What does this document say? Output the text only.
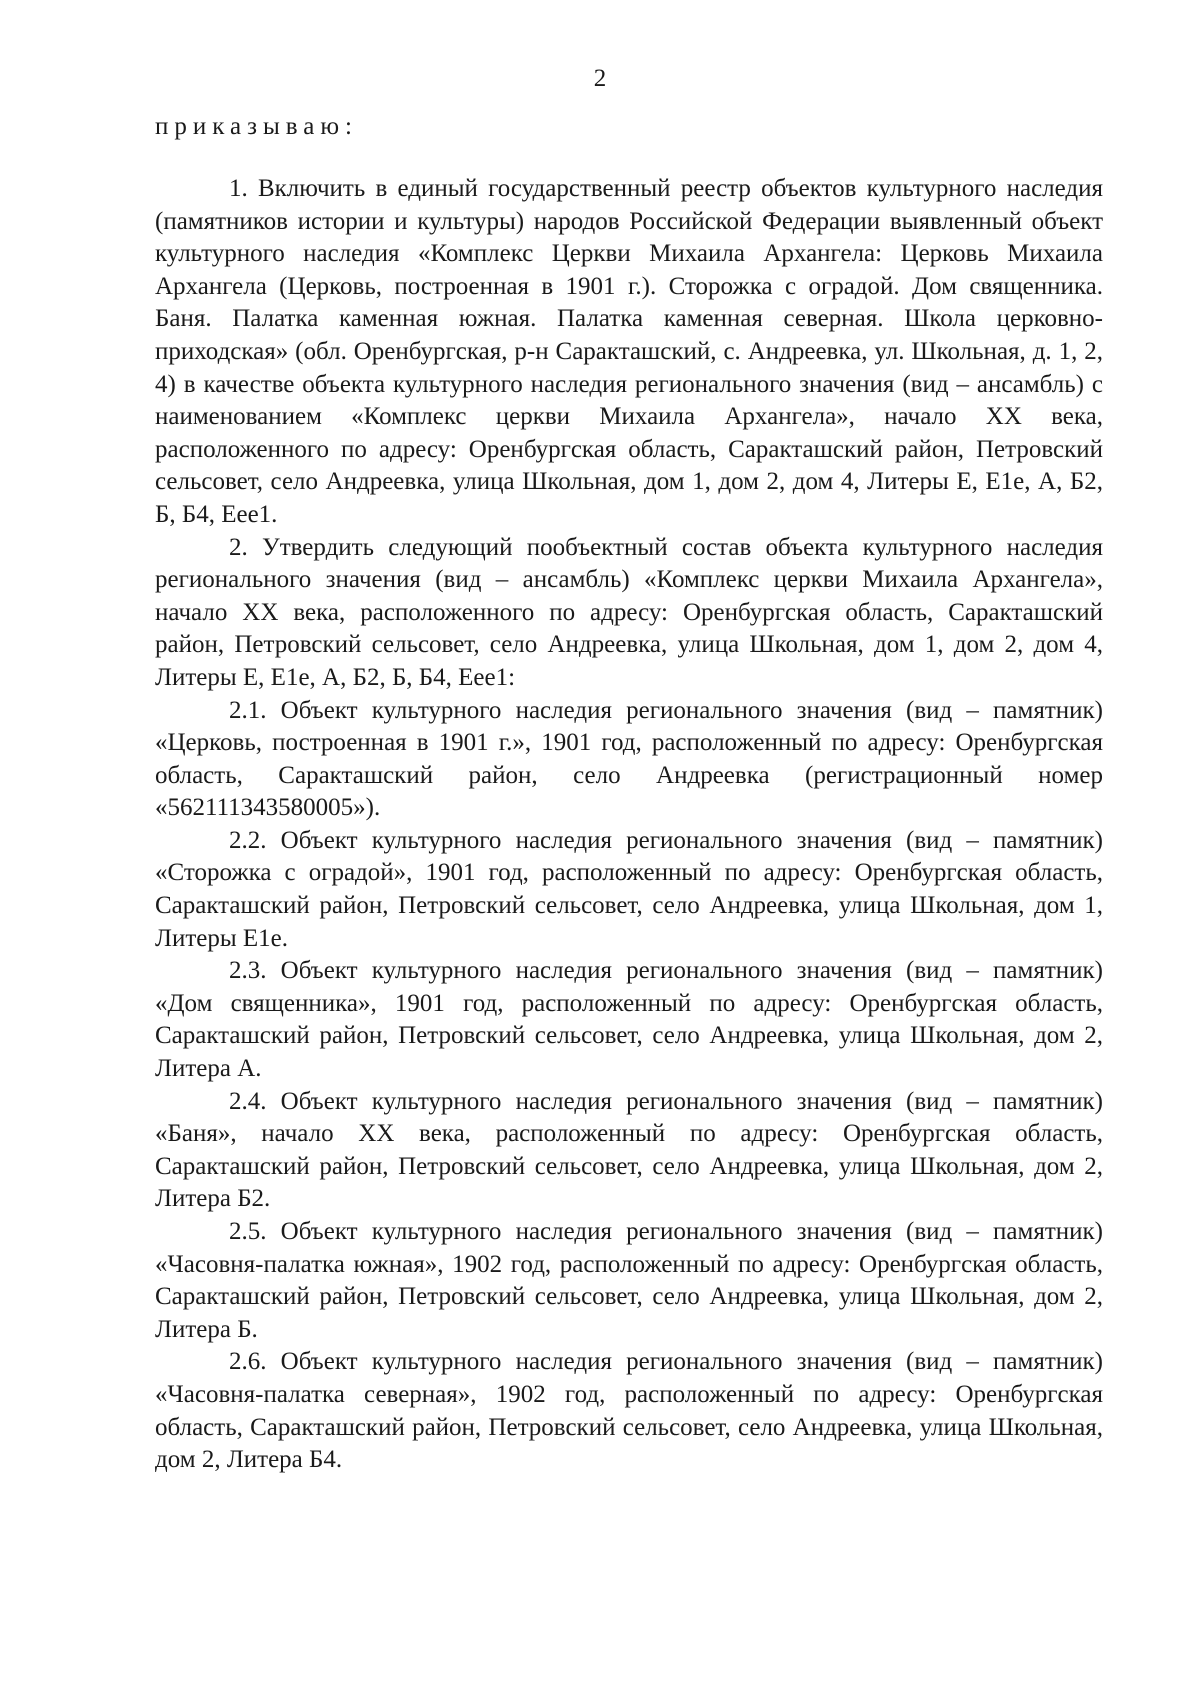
2
приказываю:

1. Включить в единый государственный реестр объектов культурного наследия (памятников истории и культуры) народов Российской Федерации выявленный объект культурного наследия «Комплекс Церкви Михаила Архангела: Церковь Михаила Архангела (Церковь, построенная в 1901 г.). Сторожка с оградой. Дом священника. Баня. Палатка каменная южная. Палатка каменная северная. Школа церковно-приходская» (обл. Оренбургская, р-н Саракташский, с. Андреевка, ул. Школьная, д. 1, 2, 4) в качестве объекта культурного наследия регионального значения (вид – ансамбль) с наименованием «Комплекс церкви Михаила Архангела», начало XX века, расположенного по адресу: Оренбургская область, Саракташский район, Петровский сельсовет, село Андреевка, улица Школьная, дом 1, дом 2, дом 4, Литеры Е, Е1е, А, Б2, Б, Б4, Еее1.

2. Утвердить следующий пообъектный состав объекта культурного наследия регионального значения (вид – ансамбль) «Комплекс церкви Михаила Архангела», начало XX века, расположенного по адресу: Оренбургская область, Саракташский район, Петровский сельсовет, село Андреевка, улица Школьная, дом 1, дом 2, дом 4, Литеры Е, Е1е, А, Б2, Б, Б4, Еее1:

2.1. Объект культурного наследия регионального значения (вид – памятник) «Церковь, построенная в 1901 г.», 1901 год, расположенный по адресу: Оренбургская область, Саракташский район, село Андреевка (регистрационный номер «562111343580005»).

2.2. Объект культурного наследия регионального значения (вид – памятник) «Сторожка с оградой», 1901 год, расположенный по адресу: Оренбургская область, Саракташский район, Петровский сельсовет, село Андреевка, улица Школьная, дом 1, Литеры Е1е.

2.3. Объект культурного наследия регионального значения (вид – памятник) «Дом священника», 1901 год, расположенный по адресу: Оренбургская область, Саракташский район, Петровский сельсовет, село Андреевка, улица Школьная, дом 2, Литера А.

2.4. Объект культурного наследия регионального значения (вид – памятник) «Баня», начало XX века, расположенный по адресу: Оренбургская область, Саракташский район, Петровский сельсовет, село Андреевка, улица Школьная, дом 2, Литера Б2.

2.5. Объект культурного наследия регионального значения (вид – памятник) «Часовня-палатка южная», 1902 год, расположенный по адресу: Оренбургская область, Саракташский район, Петровский сельсовет, село Андреевка, улица Школьная, дом 2, Литера Б.

2.6. Объект культурного наследия регионального значения (вид – памятник) «Часовня-палатка северная», 1902 год, расположенный по адресу: Оренбургская область, Саракташский район, Петровский сельсовет, село Андреевка, улица Школьная, дом 2, Литера Б4.
